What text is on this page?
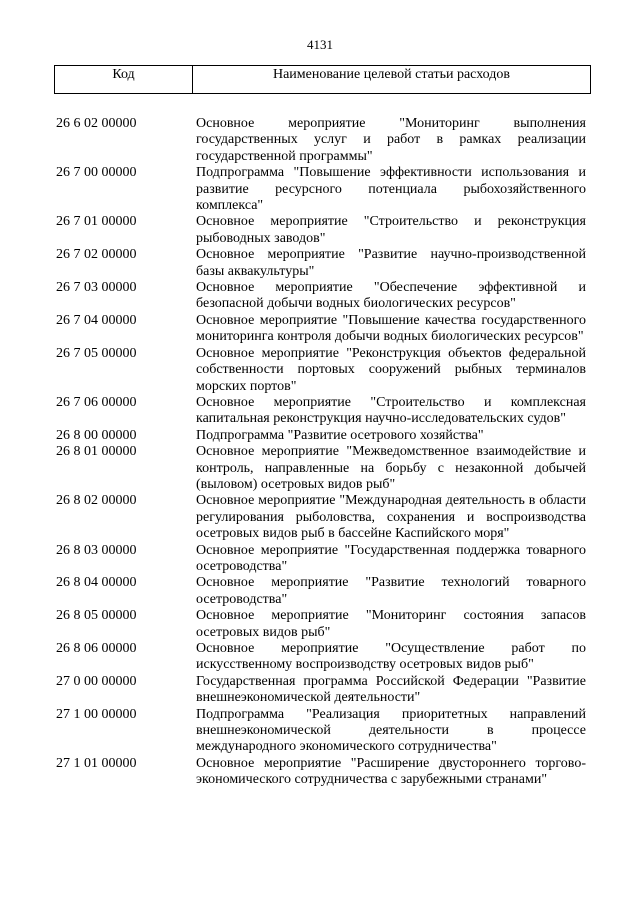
4131
Код	Наименование целевой статьи расходов
26 6 02 00000	Основное мероприятие "Мониторинг выполнения государственных услуг и работ в рамках реализации государственной программы"
26 7 00 00000	Подпрограмма "Повышение эффективности использования и развитие ресурсного потенциала рыбохозяйственного комплекса"
26 7 01 00000	Основное мероприятие "Строительство и реконструкция рыбоводных заводов"
26 7 02 00000	Основное мероприятие "Развитие научно-производственной базы аквакультуры"
26 7 03 00000	Основное мероприятие "Обеспечение эффективной и безопасной добычи водных биологических ресурсов"
26 7 04 00000	Основное мероприятие "Повышение качества государственного мониторинга контроля добычи водных биологических ресурсов"
26 7 05 00000	Основное мероприятие "Реконструкция объектов федеральной собственности портовых сооружений рыбных терминалов морских портов"
26 7 06 00000	Основное мероприятие "Строительство и комплексная капитальная реконструкция научно-исследовательских судов"
26 8 00 00000	Подпрограмма "Развитие осетрового хозяйства"
26 8 01 00000	Основное мероприятие "Межведомственное взаимодействие и контроль, направленные на борьбу с незаконной добычей (выловом) осетровых видов рыб"
26 8 02 00000	Основное мероприятие "Международная деятельность в области регулирования рыболовства, сохранения и воспроизводства осетровых видов рыб в бассейне Каспийского моря"
26 8 03 00000	Основное мероприятие "Государственная поддержка товарного осетроводства"
26 8 04 00000	Основное мероприятие "Развитие технологий товарного осетроводства"
26 8 05 00000	Основное мероприятие "Мониторинг состояния запасов осетровых видов рыб"
26 8 06 00000	Основное мероприятие "Осуществление работ по искусственному воспроизводству осетровых видов рыб"
27 0 00 00000	Государственная программа Российской Федерации "Развитие внешнеэкономической деятельности"
27 1 00 00000	Подпрограмма "Реализация приоритетных направлений внешнеэкономической деятельности в процессе международного экономического сотрудничества"
27 1 01 00000	Основное мероприятие "Расширение двустороннего торгово-экономического сотрудничества с зарубежными странами"
